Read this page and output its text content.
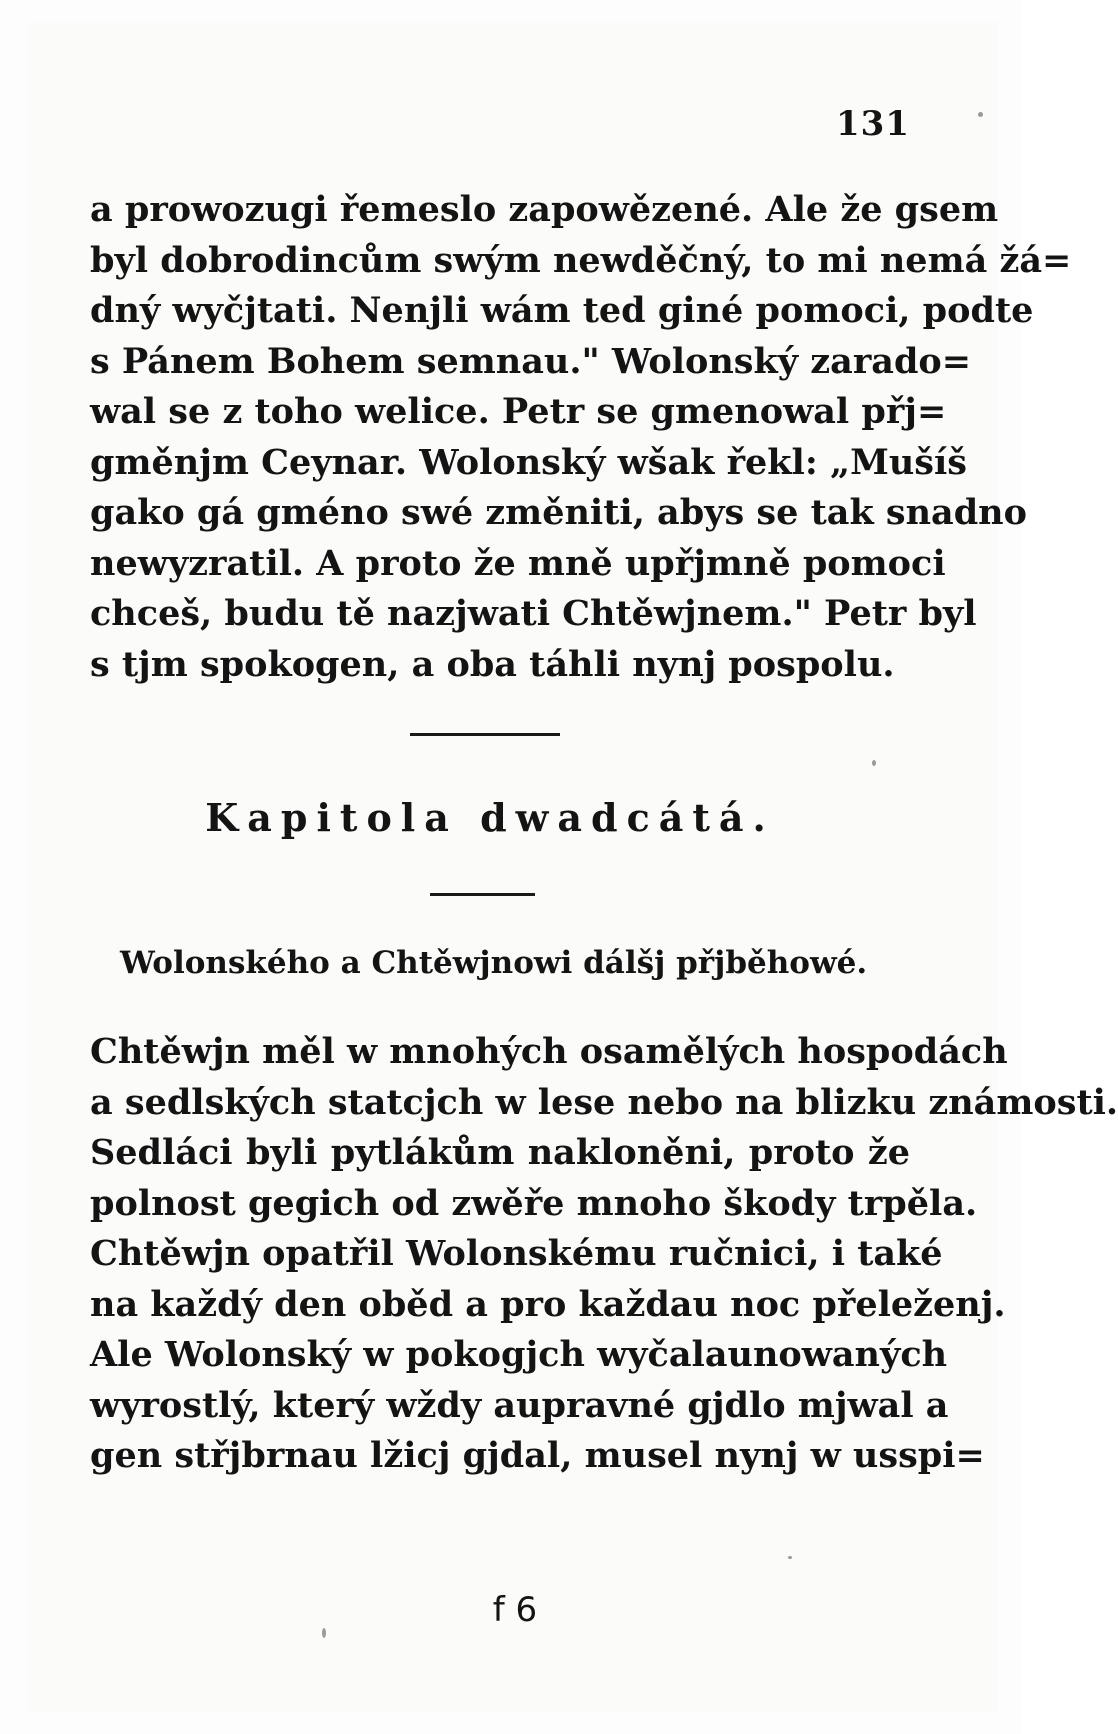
131
a prowozugi řemeslo zapowězené. Ale že gsem
byl dobrodincům swým newděčný, to mi nemá žá=
dný wyčjtati. Nenjli wám ted giné pomoci, podte
s Pánem Bohem semnau." Wolonský zarado=
wal se z toho welice. Petr se gmenowal přj=
gměnjm Ceynar. Wolonský wšak řekl: „Mušíš
gako gá gméno swé změniti, abys se tak snadno
newyzratil. A proto že mně upřjmně pomoci
chceš, budu tě nazjwati Chtěwjnem." Petr byl
s tjm spokogen, a oba táhli nynj pospolu.
Kapitola dwadcátá.
Wolonského a Chtěwjnowi dálšj přjběhowé.
Chtěwjn měl w mnohých osamělých hospodách
a sedlských statcjch w lese nebo na blizku známosti.
Sedláci byli pytlákům nakloněni, proto že
polnost gegich od zwěře mnoho škody trpěla.
Chtěwjn opatřil Wolonskému ručnici, i také
na každý den oběd a pro každau noc přeleženj.
Ale Wolonský w pokogjch wyčalaunowaných
wyrostlý, který wždy aupravné gjdlo mjwal a
gen střjbrnau lžicj gjdal, musel nynj w usspi=
f 6
